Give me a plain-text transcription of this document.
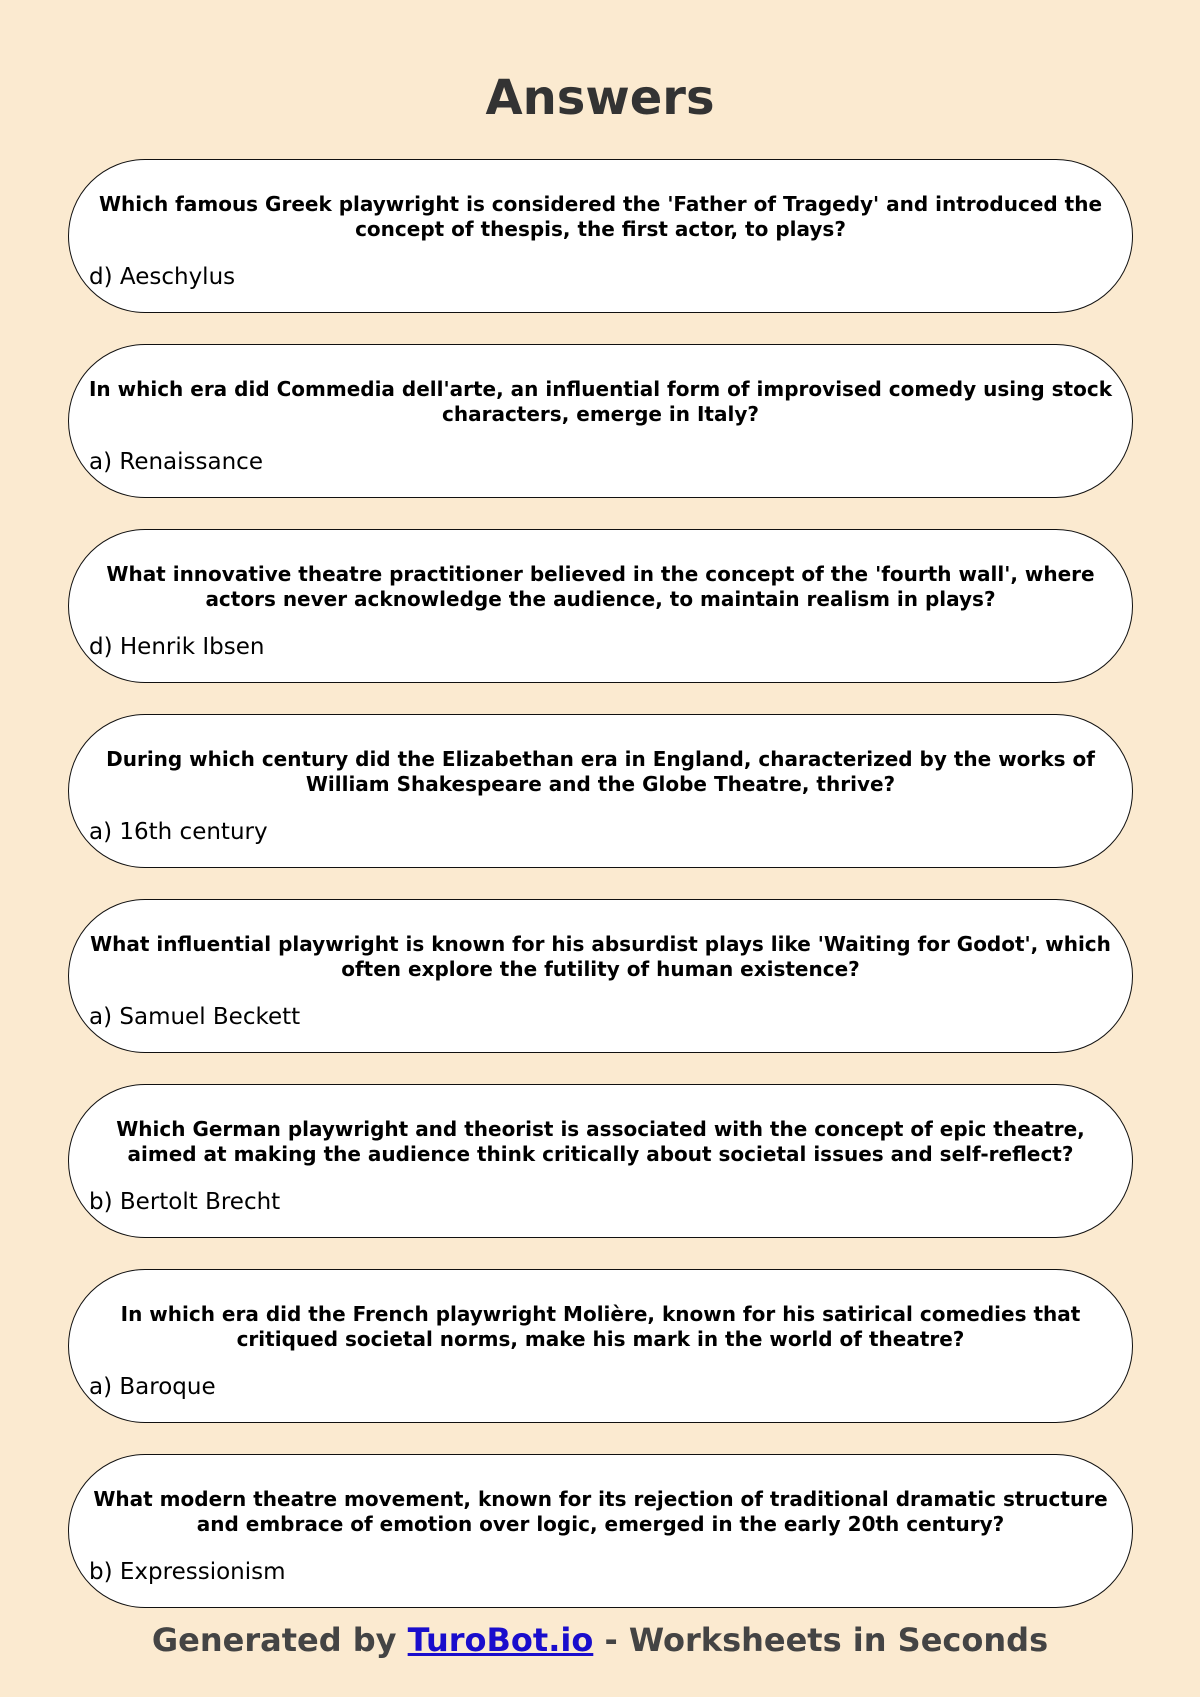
Answers
Which famous Greek playwright is considered the 'Father of Tragedy' and introduced the concept of thespis, the first actor, to plays?
d) Aeschylus
In which era did Commedia dell'arte, an influential form of improvised comedy using stock characters, emerge in Italy?
a) Renaissance
What innovative theatre practitioner believed in the concept of the 'fourth wall', where actors never acknowledge the audience, to maintain realism in plays?
d) Henrik Ibsen
During which century did the Elizabethan era in England, characterized by the works of William Shakespeare and the Globe Theatre, thrive?
a) 16th century
What influential playwright is known for his absurdist plays like 'Waiting for Godot', which often explore the futility of human existence?
a) Samuel Beckett
Which German playwright and theorist is associated with the concept of epic theatre, aimed at making the audience think critically about societal issues and self-reflect?
b) Bertolt Brecht
In which era did the French playwright Molière, known for his satirical comedies that critiqued societal norms, make his mark in the world of theatre?
a) Baroque
What modern theatre movement, known for its rejection of traditional dramatic structure and embrace of emotion over logic, emerged in the early 20th century?
b) Expressionism
Generated by TuroBot.io - Worksheets in Seconds
